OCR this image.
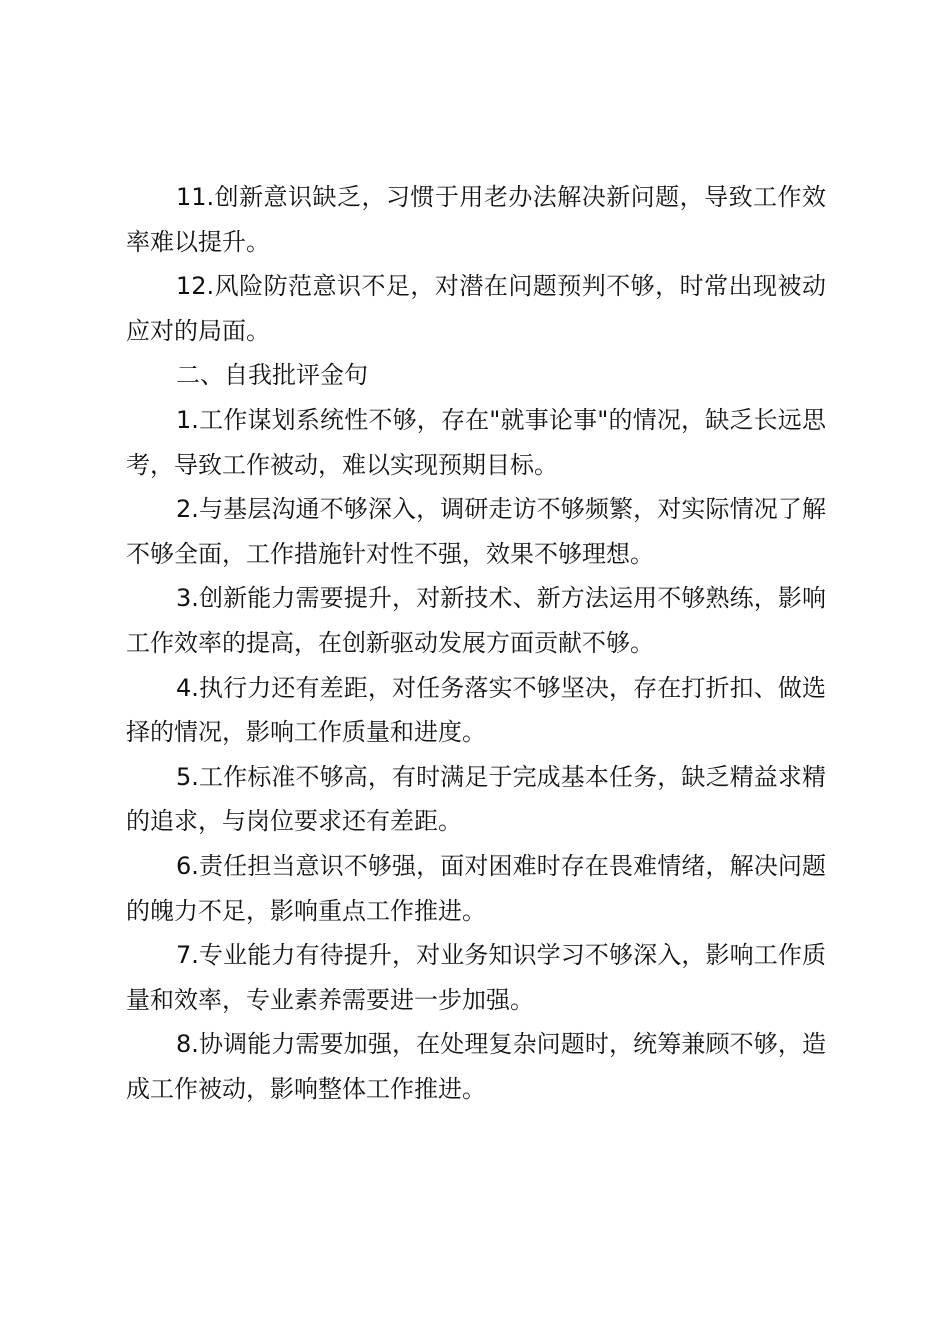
11.创新意识缺乏，习惯于用老办法解决新问题，导致工作效率难以提升。

12.风险防范意识不足，对潜在问题预判不够，时常出现被动应对的局面。

二、自我批评金句

1.工作谋划系统性不够，存在"就事论事"的情况，缺乏长远思考，导致工作被动，难以实现预期目标。

2.与基层沟通不够深入，调研走访不够频繁，对实际情况了解不够全面，工作措施针对性不强，效果不够理想。

3.创新能力需要提升，对新技术、新方法运用不够熟练，影响工作效率的提高，在创新驱动发展方面贡献不够。

4.执行力还有差距，对任务落实不够坚决，存在打折扣、做选择的情况，影响工作质量和进度。

5.工作标准不够高，有时满足于完成基本任务，缺乏精益求精的追求，与岗位要求还有差距。

6.责任担当意识不够强，面对困难时存在畏难情绪，解决问题的魄力不足，影响重点工作推进。

7.专业能力有待提升，对业务知识学习不够深入，影响工作质量和效率，专业素养需要进一步加强。

8.协调能力需要加强，在处理复杂问题时，统筹兼顾不够，造成工作被动，影响整体工作推进。
